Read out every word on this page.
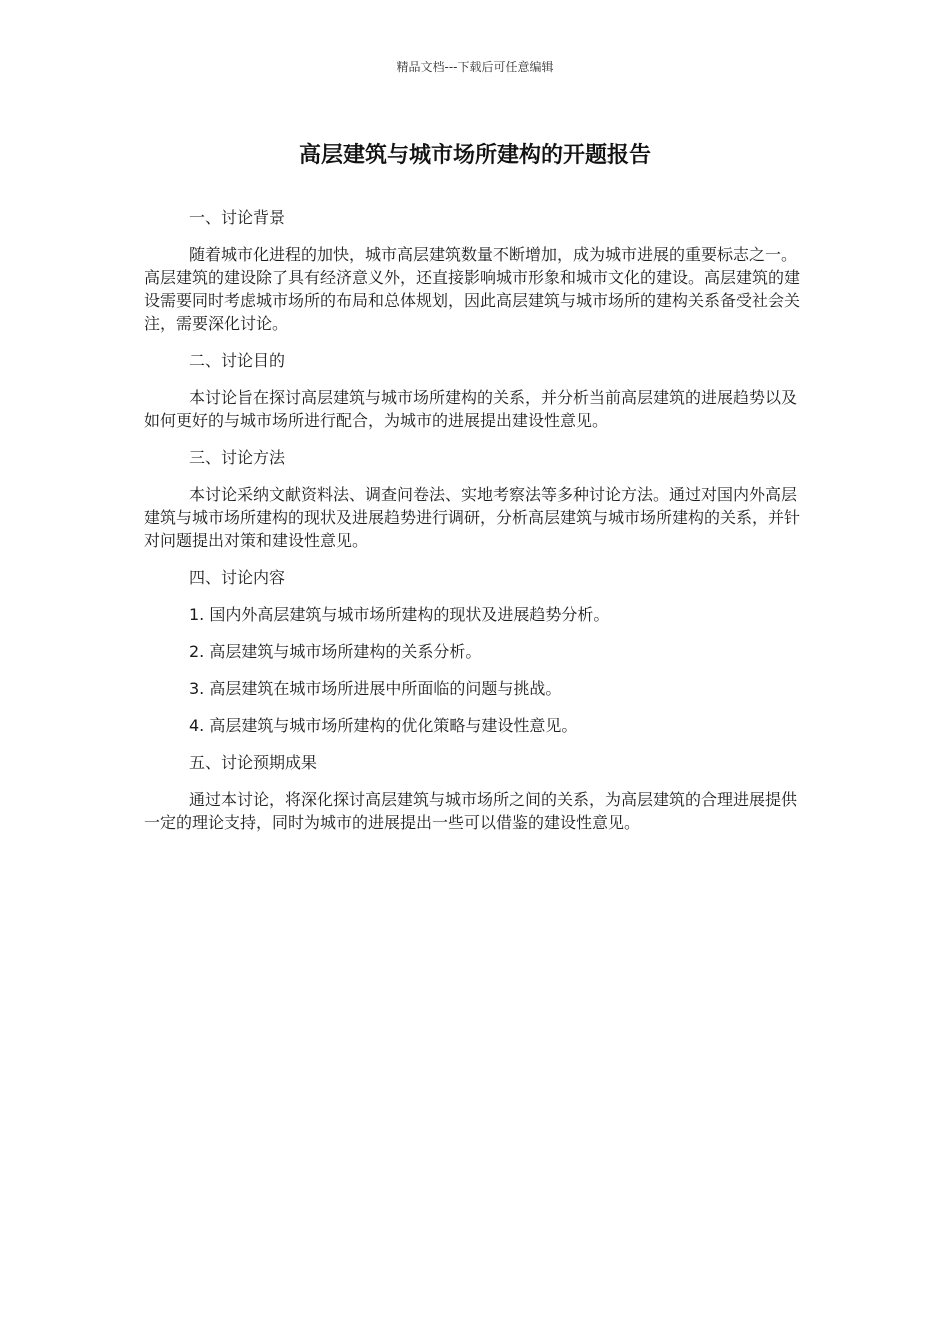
精品文档---下载后可任意编辑
高层建筑与城市场所建构的开题报告

一、讨论背景

随着城市化进程的加快，城市高层建筑数量不断增加，成为城市进展的重要标志之一。高层建筑的建设除了具有经济意义外，还直接影响城市形象和城市文化的建设。高层建筑的建设需要同时考虑城市场所的布局和总体规划，因此高层建筑与城市场所的建构关系备受社会关注，需要深化讨论。

二、讨论目的

本讨论旨在探讨高层建筑与城市场所建构的关系，并分析当前高层建筑的进展趋势以及如何更好的与城市场所进行配合，为城市的进展提出建设性意见。

三、讨论方法

本讨论采纳文献资料法、调查问卷法、实地考察法等多种讨论方法。通过对国内外高层建筑与城市场所建构的现状及进展趋势进行调研，分析高层建筑与城市场所建构的关系，并针对问题提出对策和建设性意见。

四、讨论内容

1. 国内外高层建筑与城市场所建构的现状及进展趋势分析。

2. 高层建筑与城市场所建构的关系分析。

3. 高层建筑在城市场所进展中所面临的问题与挑战。

4. 高层建筑与城市场所建构的优化策略与建设性意见。

五、讨论预期成果

通过本讨论，将深化探讨高层建筑与城市场所之间的关系，为高层建筑的合理进展提供一定的理论支持，同时为城市的进展提出一些可以借鉴的建设性意见。
